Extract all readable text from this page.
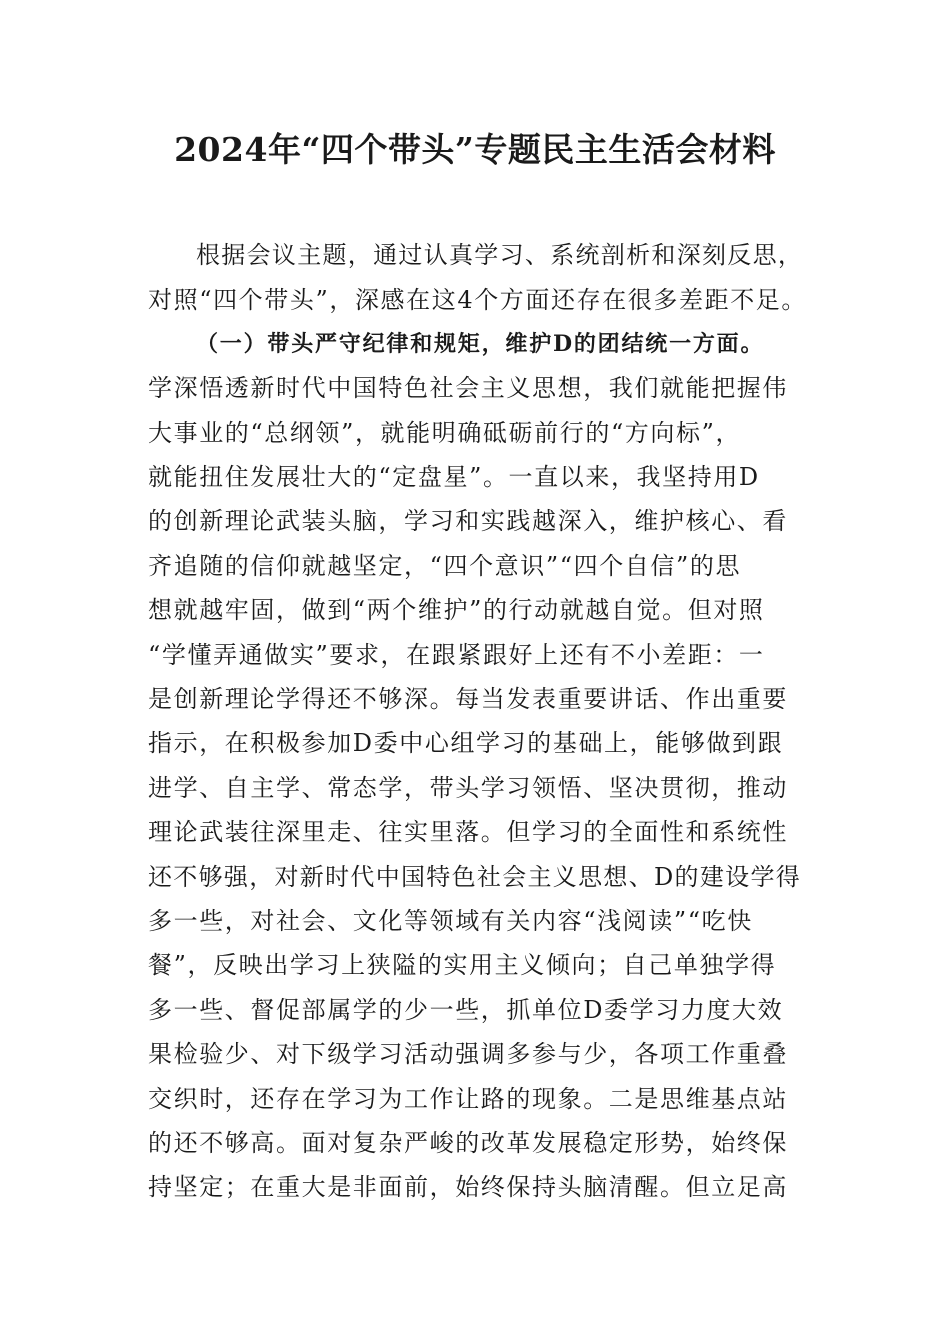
2024年“四个带头”专题民主生活会材料
根据会议主题，通过认真学习、系统剖析和深刻反思，
对照“四个带头”，深感在这4个方面还存在很多差距不足。
（一）带头严守纪律和规矩，维护D的团结统一方面。
学深悟透新时代中国特色社会主义思想，我们就能把握伟
大事业的“总纲领”，就能明确砥砺前行的“方向标”，
就能扭住发展壮大的“定盘星”。一直以来，我坚持用D
的创新理论武装头脑，学习和实践越深入，维护核心、看
齐追随的信仰就越坚定，“四个意识”“四个自信”的思
想就越牢固，做到“两个维护”的行动就越自觉。但对照
“学懂弄通做实”要求，在跟紧跟好上还有不小差距：一
是创新理论学得还不够深。每当发表重要讲话、作出重要
指示，在积极参加D委中心组学习的基础上，能够做到跟
进学、自主学、常态学，带头学习领悟、坚决贯彻，推动
理论武装往深里走、往实里落。但学习的全面性和系统性
还不够强，对新时代中国特色社会主义思想、D的建设学得
多一些，对社会、文化等领域有关内容“浅阅读”“吃快
餐”，反映出学习上狭隘的实用主义倾向；自己单独学得
多一些、督促部属学的少一些，抓单位D委学习力度大效
果检验少、对下级学习活动强调多参与少，各项工作重叠
交织时，还存在学习为工作让路的现象。二是思维基点站
的还不够高。面对复杂严峻的改革发展稳定形势，始终保
持坚定；在重大是非面前，始终保持头脑清醒。但立足高
